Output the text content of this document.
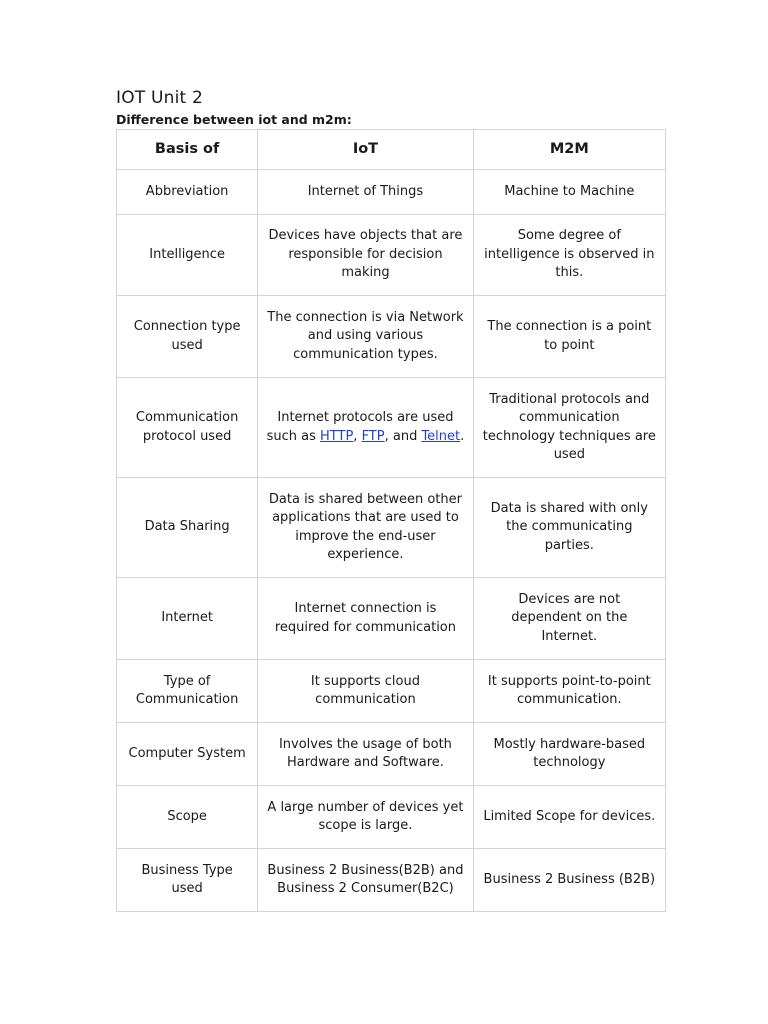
IOT Unit 2

Difference between iot and m2m:

Basis of	IoT	M2M
Abbreviation	Internet of Things	Machine to Machine
Intelligence	Devices have objects that are responsible for decision making	Some degree of intelligence is observed in this.
Connection type used	The connection is via Network and using various communication types.	The connection is a point to point
Communication protocol used	Internet protocols are used such as HTTP, FTP, and Telnet.	Traditional protocols and communication technology techniques are used
Data Sharing	Data is shared between other applications that are used to improve the end-user experience.	Data is shared with only the communicating parties.
Internet	Internet connection is required for communication	Devices are not dependent on the Internet.
Type of Communication	It supports cloud communication	It supports point-to-point communication.
Computer System	Involves the usage of both Hardware and Software.	Mostly hardware-based technology
Scope	A large number of devices yet scope is large.	Limited Scope for devices.
Business Type used	Business 2 Business(B2B) and Business 2 Consumer(B2C)	Business 2 Business (B2B)
